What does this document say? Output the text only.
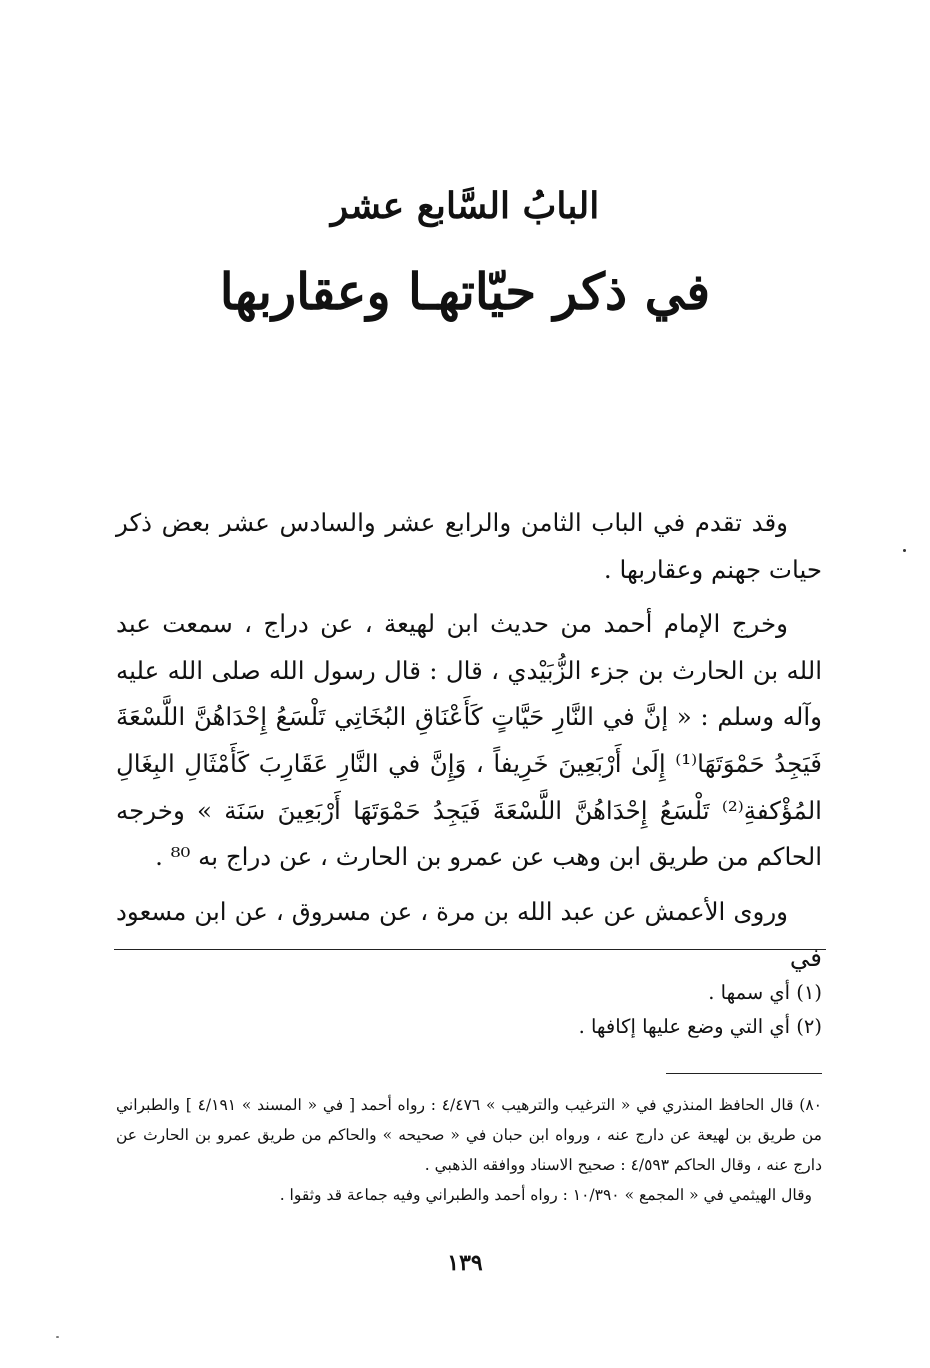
البابُ السَّابع عشر
في ذكر حيّاتهـا وعقاربها

وقد تقدم في الباب الثامن والرابع عشر والسادس عشر بعض ذكر حيات جهنم وعقاربها .

وخرج الإمام أحمد من حديث ابن لهيعة ، عن دراج ، سمعت عبد الله بن الحارث بن جزء الزُّبَيْدي ، قال : قال رسول الله صلى الله عليه وآله وسلم : « إنَّ في النَّارِ حَيَّاتٍ كَأَعْنَاقِ البُخَاتِي تَلْسَعُ إِحْدَاهُنَّ اللَّسْعَةَ فَيَجِدُ حَمْوَتَهَا⁽¹⁾ إِلَىٰ أَرْبَعِينَ خَرِيفاً ، وَإِنَّ في النَّارِ عَقَارِبَ كَأَمْثَالِ البِغَالِ المُؤْكفةِ⁽²⁾ تَلْسَعُ إِحْدَاهُنَّ اللَّسْعَةَ فَيَجِدُ حَمْوَتَهَا أَرْبَعِينَ سَنَة » وخرجه الحاكم من طريق ابن وهب عن عمرو بن الحارث ، عن دراج به ⁸⁰ .

وروى الأعمش عن عبد الله بن مرة ، عن مسروق ، عن ابن مسعود في

(١) أي سمها .
(٢) أي التي وضع عليها إكافها .

٨٠) قال الحافظ المنذري في « الترغيب والترهيب » ٤/٤٧٦ : رواه أحمد [ في « المسند » ٤/١٩١ ] والطبراني من طريق بن لهيعة عن دارج عنه ، ورواه ابن حبان في « صحيحه » والحاكم من طريق عمرو بن الحارث عن دارج عنه ، وقال الحاكم ٤/٥٩٣ : صحيح الاسناد ووافقه الذهبي .

وقال الهيثمي في « المجمع » ١٠/٣٩٠ : رواه أحمد والطبراني وفيه جماعة قد وثقوا .

١٣٩
